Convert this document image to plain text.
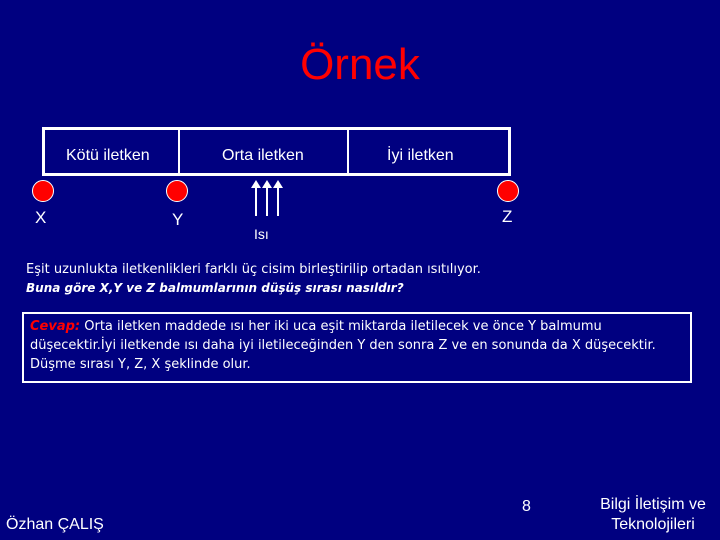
Örnek
Kötü iletken	Orta iletken	İyi iletken
X	Y	Z
Isı
Eşit uzunlukta iletkenlikleri farklı üç cisim birleştirilip ortadan ısıtılıyor.
Buna göre X,Y ve Z balmumlarının düşüş sırası nasıldır?
Cevap: Orta iletken maddede ısı her iki uca eşit miktarda iletilecek ve önce Y balmumu düşecektir.İyi iletkende ısı daha iyi iletileceğinden Y den sonra Z ve en sonunda da X düşecektir. Düşme sırası Y, Z, X şeklinde olur.
Özhan ÇALIŞ
8	Bilgi İletişim ve
Teknolojileri
